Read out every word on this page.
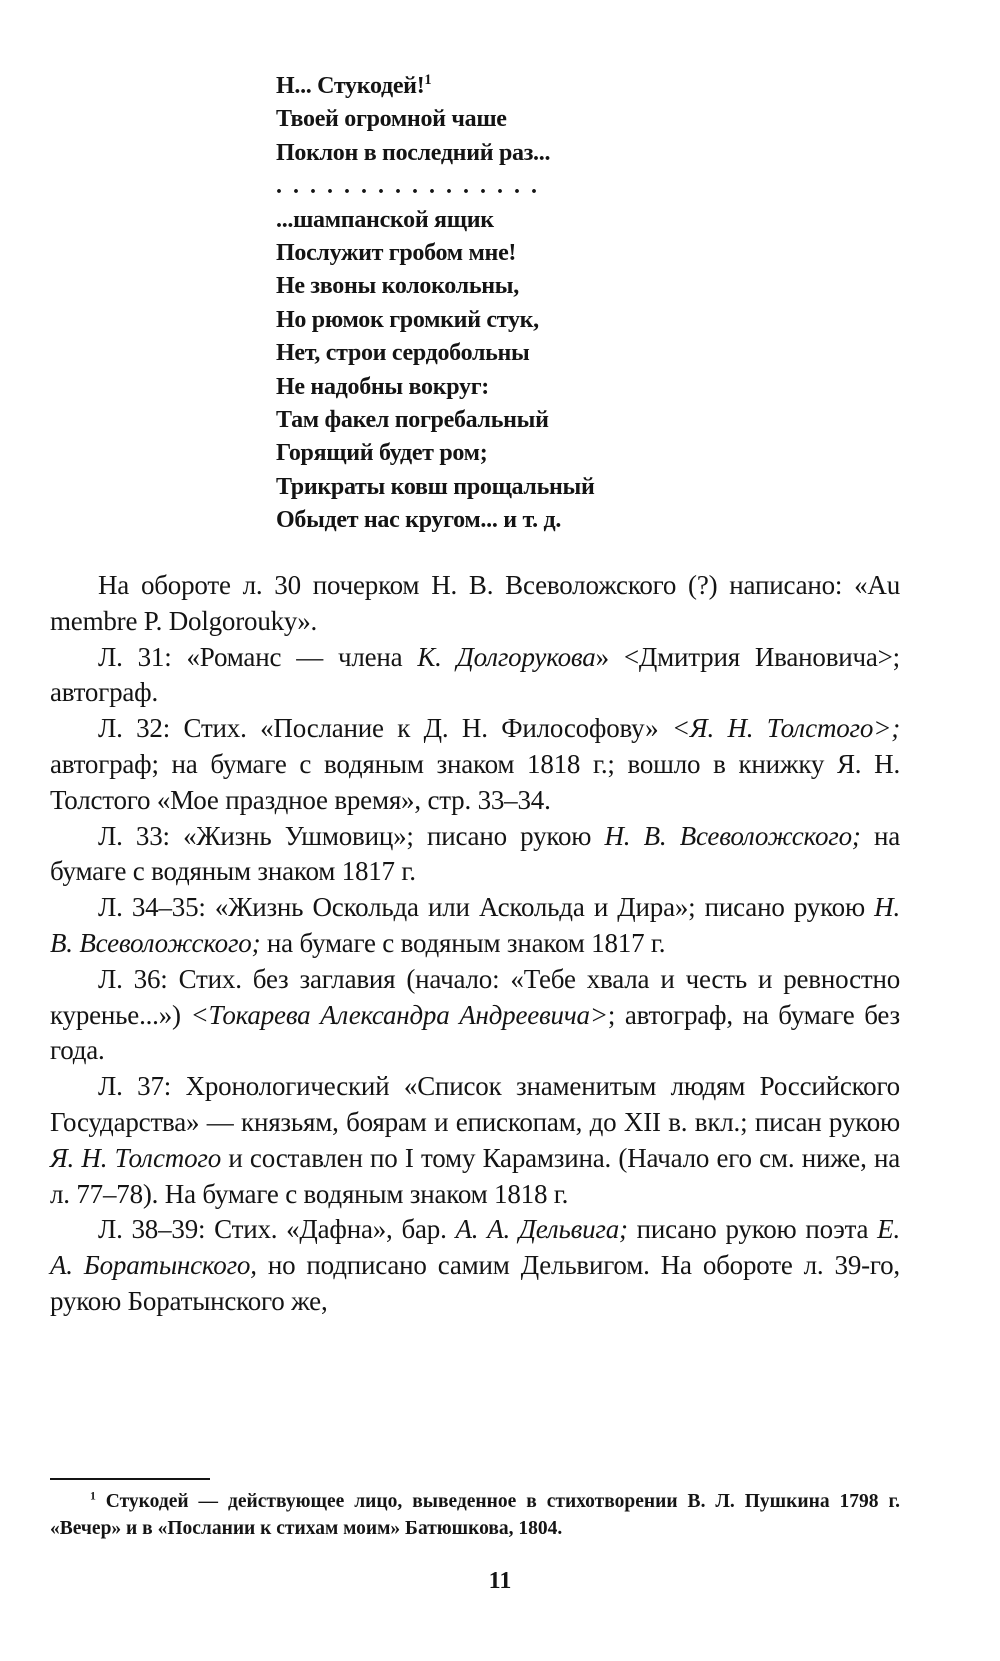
Н... Стукодей!$^1$
Твоей огромной чаше
Поклон в последний раз...
................
...шампанской ящик
Послужит гробом мне!
Не звоны колокольны,
Но рюмок громкий стук,
Нет, строи сердобольны
Не надобны вокруг:
Там факел погребальный
Горящий будет ром;
Трикраты ковш прощальный
Обыдет нас кругом... и т. д.

На обороте л. 30 почерком Н. В. Всеволожского (?) написано: «Au membre P. Dolgorouky».

Л. 31: «Романс — члена К. Долгорукова» <Дмитрия Ивановича>; автограф.

Л. 32: Стих. «Послание к Д. Н. Философову» <Я. Н. Толстого>; автограф; на бумаге с водяным знаком 1818 г.; вошло в книжку Я. Н. Толстого «Мое праздное время», стр. 33–34.

Л. 33: «Жизнь Ушмовиц»; писано рукою Н. В. Всеволожского; на бумаге с водяным знаком 1817 г.

Л. 34–35: «Жизнь Оскольда или Аскольда и Дира»; писано рукою Н. В. Всеволожского; на бумаге с водяным знаком 1817 г.

Л. 36: Стих. без заглавия (начало: «Тебе хвала и честь и ревностно куренье...») <Токарева Александра Андреевича>; автограф, на бумаге без года.

Л. 37: Хронологический «Список знаменитым людям Российского Государства» — князьям, боярам и епископам, до XII в. вкл.; писан рукою Я. Н. Толстого и составлен по I тому Карамзина. (Начало его см. ниже, на л. 77–78). На бумаге с водяным знаком 1818 г.

Л. 38–39: Стих. «Дафна», бар. А. А. Дельвига; писано рукою поэта Е. А. Боратынского, но подписано самим Дельвигом. На обороте л. 39-го, рукою Боратынского же,

$^1$ Стукодей — действующее лицо, выведенное в стихотворении В. Л. Пушкина 1798 г. «Вечер» и в «Послании к стихам моим» Батюшкова, 1804.
11
